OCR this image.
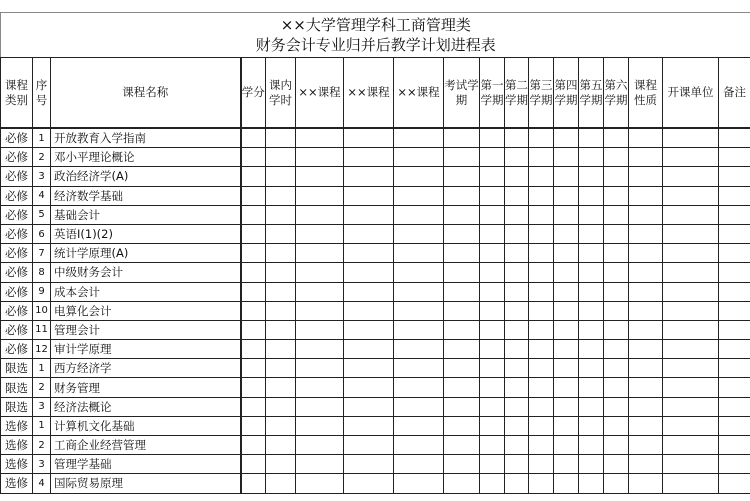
××大学管理学科工商管理类
财务会计专业归并后教学计划进程表																	

课程类别	序号	课程名称	学分	课内学时	××课程	××课程	××课程	考试学期	第一学期	第二学期	第三学期	第四学期	第五学期	第六学期	课程性质	开课单位	备注
必修	1	开放教育入学指南															
必修	2	邓小平理论概论															
必修	3	政治经济学(A)															
必修	4	经济数学基础															
必修	5	基础会计															
必修	6	英语Ⅰ(1)(2)															
必修	7	统计学原理(A)															
必修	8	中级财务会计															
必修	9	成本会计															
必修	10	电算化会计															
必修	11	管理会计															
必修	12	审计学原理															
限选	1	西方经济学															
限选	2	财务管理															
限选	3	经济法概论															
选修	1	计算机文化基础															
选修	2	工商企业经营管理															
选修	3	管理学基础															
选修	4	国际贸易原理															
